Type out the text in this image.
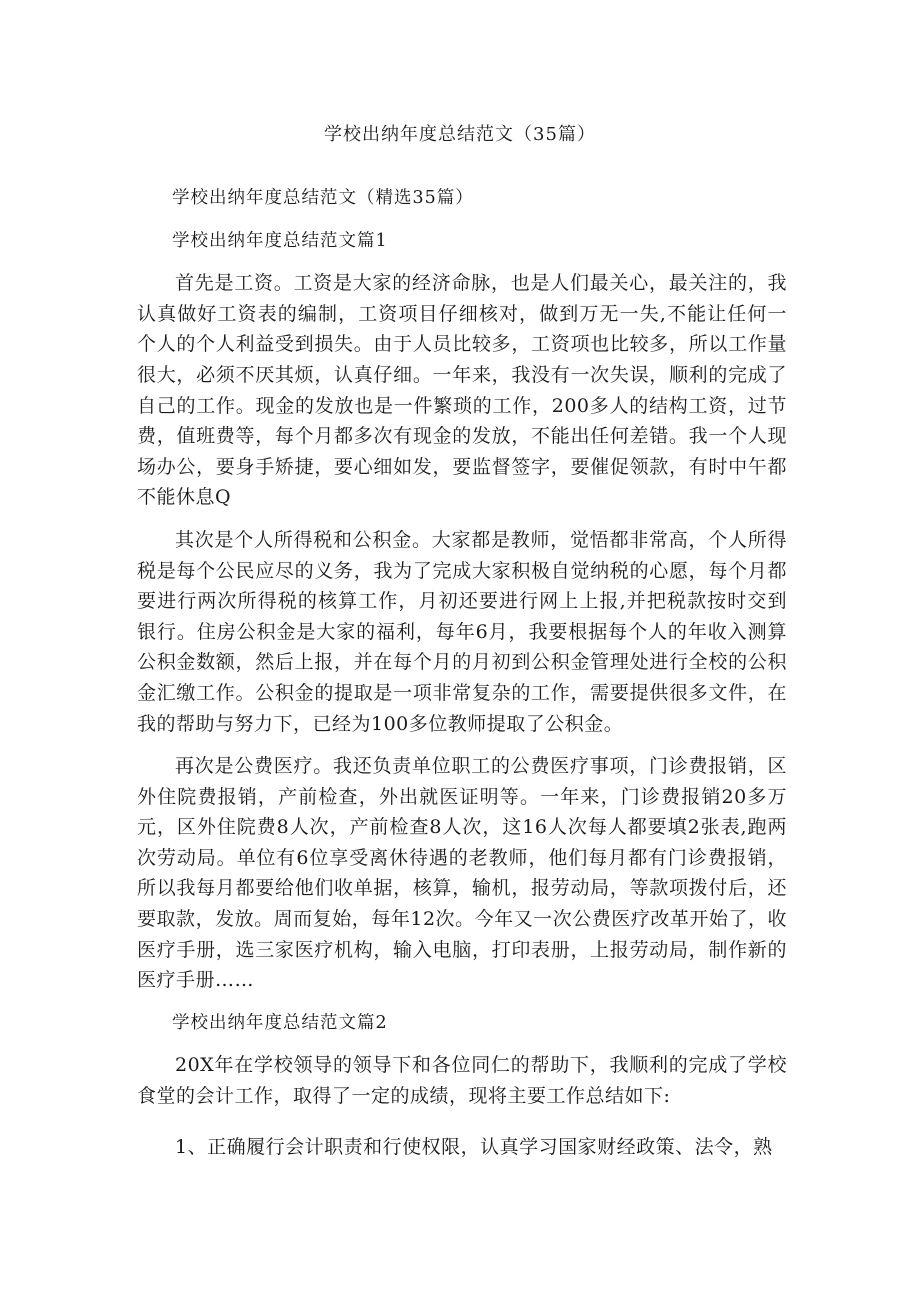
学校出纳年度总结范文（35篇）

学校出纳年度总结范文（精选35篇）

学校出纳年度总结范文篇1

首先是工资。工资是大家的经济命脉，也是人们最关心，最关注的，我认真做好工资表的编制，工资项目仔细核对，做到万无一失,不能让任何一个人的个人利益受到损失。由于人员比较多，工资项也比较多，所以工作量很大，必须不厌其烦，认真仔细。一年来，我没有一次失误，顺利的完成了自己的工作。现金的发放也是一件繁琐的工作，200多人的结构工资，过节费，值班费等，每个月都多次有现金的发放，不能出任何差错。我一个人现场办公，要身手矫捷，要心细如发，要监督签字，要催促领款，有时中午都不能休息Q

其次是个人所得税和公积金。大家都是教师，觉悟都非常高，个人所得税是每个公民应尽的义务，我为了完成大家积极自觉纳税的心愿，每个月都要进行两次所得税的核算工作，月初还要进行网上上报,并把税款按时交到银行。住房公积金是大家的福利，每年6月，我要根据每个人的年收入测算公积金数额，然后上报，并在每个月的月初到公积金管理处进行全校的公积金汇缴工作。公积金的提取是一项非常复杂的工作，需要提供很多文件，在我的帮助与努力下，已经为100多位教师提取了公积金。

再次是公费医疗。我还负责单位职工的公费医疗事项，门诊费报销，区外住院费报销，产前检查，外出就医证明等。一年来，门诊费报销20多万元，区外住院费8人次，产前检查8人次，这16人次每人都要填2张表,跑两次劳动局。单位有6位享受离休待遇的老教师，他们每月都有门诊费报销，所以我每月都要给他们收单据，核算，输机，报劳动局，等款项拨付后，还要取款，发放。周而复始，每年12次。今年又一次公费医疗改革开始了，收医疗手册，选三家医疗机构，输入电脑，打印表册，上报劳动局，制作新的医疗手册……

学校出纳年度总结范文篇2

20X年在学校领导的领导下和各位同仁的帮助下，我顺利的完成了学校食堂的会计工作，取得了一定的成绩，现将主要工作总结如下:

1、正确履行会计职责和行使权限，认真学习国家财经政策、法令，熟
